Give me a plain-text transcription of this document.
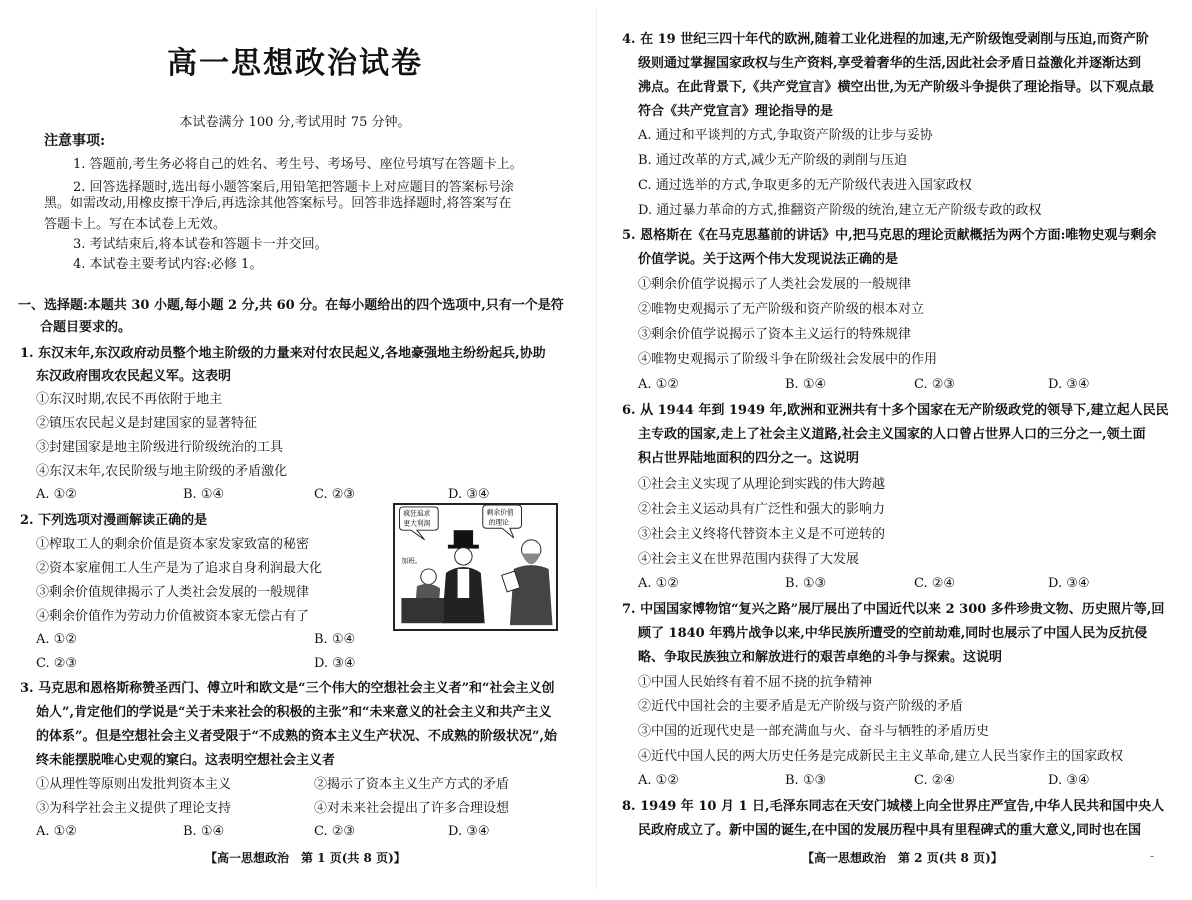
高一思想政治试卷
本试卷满分 100 分,考试用时 75 分钟。
注意事项:
1. 答题前,考生务必将自己的姓名、考生号、考场号、座位号填写在答题卡上。
2. 回答选择题时,选出每小题答案后,用铅笔把答题卡上对应题目的答案标号涂
黑。如需改动,用橡皮擦干净后,再选涂其他答案标号。回答非选择题时,将答案写在
答题卡上。写在本试卷上无效。
3. 考试结束后,将本试卷和答题卡一并交回。
4. 本试卷主要考试内容:必修 1。
一、选择题:本题共 30 小题,每小题 2 分,共 60 分。在每小题给出的四个选项中,只有一个是符
合题目要求的。
1. 东汉末年,东汉政府动员整个地主阶级的力量来对付农民起义,各地豪强地主纷纷起兵,协助
东汉政府围攻农民起义军。这表明
①东汉时期,农民不再依附于地主
②镇压农民起义是封建国家的显著特征
③封建国家是地主阶级进行阶级统治的工具
④东汉末年,农民阶级与地主阶级的矛盾激化
A. ①②	B. ①④	C. ②③	D. ③④
2. 下列选项对漫画解读正确的是
①榨取工人的剩余价值是资本家发家致富的秘密
②资本家雇佣工人生产是为了追求自身利润最大化
③剩余价值规律揭示了人类社会发展的一般规律
④剩余价值作为劳动力价值被资本家无偿占有了
A. ①②	B. ①④
C. ②③	D. ③④
疯狂追求
更大利润
剩余价值
的理论
加班。
3. 马克思和恩格斯称赞圣西门、傅立叶和欧文是“三个伟大的空想社会主义者”和“社会主义创
始人”,肯定他们的学说是“关于未来社会的积极的主张”和“未来意义的社会主义和共产主义
的体系”。但是空想社会主义者受限于“不成熟的资本主义生产状况、不成熟的阶级状况”,始
终未能摆脱唯心史观的窠臼。这表明空想社会主义者
①从理性等原则出发批判资本主义	②揭示了资本主义生产方式的矛盾
③为科学社会主义提供了理论支持	④对未来社会提出了许多合理设想
A. ①②	B. ①④	C. ②③	D. ③④
【高一思想政治　第 1 页(共 8 页)】
4. 在 19 世纪三四十年代的欧洲,随着工业化进程的加速,无产阶级饱受剥削与压迫,而资产阶
级则通过掌握国家政权与生产资料,享受着奢华的生活,因此社会矛盾日益激化并逐渐达到
沸点。在此背景下,《共产党宣言》横空出世,为无产阶级斗争提供了理论指导。以下观点最
符合《共产党宣言》理论指导的是
A. 通过和平谈判的方式,争取资产阶级的让步与妥协
B. 通过改革的方式,减少无产阶级的剥削与压迫
C. 通过选举的方式,争取更多的无产阶级代表进入国家政权
D. 通过暴力革命的方式,推翻资产阶级的统治,建立无产阶级专政的政权
5. 恩格斯在《在马克思墓前的讲话》中,把马克思的理论贡献概括为两个方面:唯物史观与剩余
价值学说。关于这两个伟大发现说法正确的是
①剩余价值学说揭示了人类社会发展的一般规律
②唯物史观揭示了无产阶级和资产阶级的根本对立
③剩余价值学说揭示了资本主义运行的特殊规律
④唯物史观揭示了阶级斗争在阶级社会发展中的作用
A. ①②	B. ①④	C. ②③	D. ③④
6. 从 1944 年到 1949 年,欧洲和亚洲共有十多个国家在无产阶级政党的领导下,建立起人民民
主专政的国家,走上了社会主义道路,社会主义国家的人口曾占世界人口的三分之一,领土面
积占世界陆地面积的四分之一。这说明
①社会主义实现了从理论到实践的伟大跨越
②社会主义运动具有广泛性和强大的影响力
③社会主义终将代替资本主义是不可逆转的
④社会主义在世界范围内获得了大发展
A. ①②	B. ①③	C. ②④	D. ③④
7. 中国国家博物馆“复兴之路”展厅展出了中国近代以来 2 300 多件珍贵文物、历史照片等,回
顾了 1840 年鸦片战争以来,中华民族所遭受的空前劫难,同时也展示了中国人民为反抗侵
略、争取民族独立和解放进行的艰苦卓绝的斗争与探索。这说明
①中国人民始终有着不屈不挠的抗争精神
②近代中国社会的主要矛盾是无产阶级与资产阶级的矛盾
③中国的近现代史是一部充满血与火、奋斗与牺牲的矛盾历史
④近代中国人民的两大历史任务是完成新民主主义革命,建立人民当家作主的国家政权
A. ①②	B. ①③	C. ②④	D. ③④
8. 1949 年 10 月 1 日,毛泽东同志在天安门城楼上向全世界庄严宣告,中华人民共和国中央人
民政府成立了。新中国的诞生,在中国的发展历程中具有里程碑式的重大意义,同时也在国
【高一思想政治　第 2 页(共 8 页)】	-
